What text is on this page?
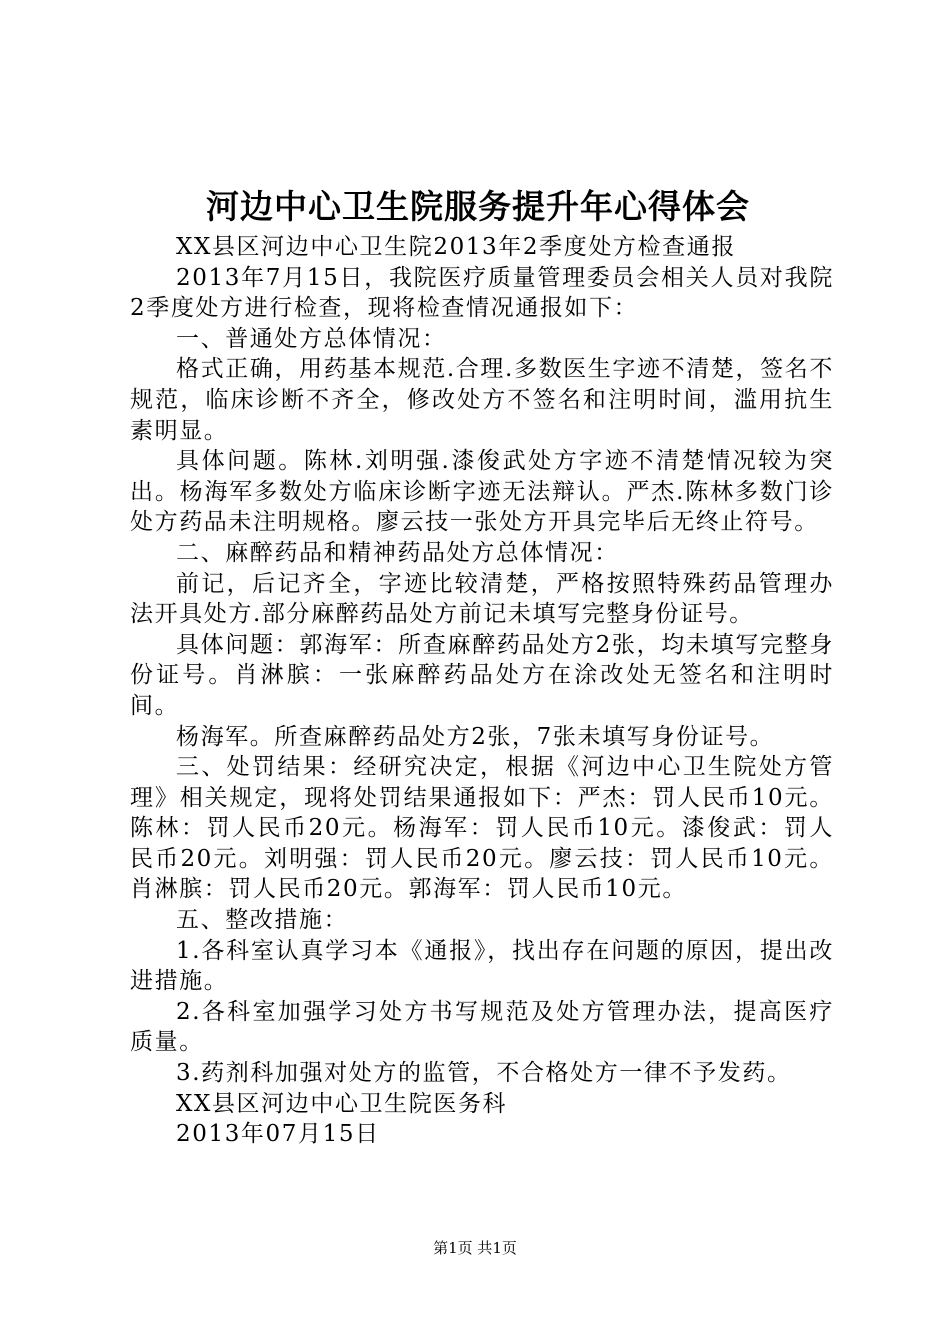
河边中心卫生院服务提升年心得体会

XX县区河边中心卫生院2013年2季度处方检查通报

2013年7月15日，我院医疗质量管理委员会相关人员对我院2季度处方进行检查，现将检查情况通报如下：

一、普通处方总体情况：

格式正确，用药基本规范.合理.多数医生字迹不清楚，签名不规范，临床诊断不齐全，修改处方不签名和注明时间，滥用抗生素明显。

具体问题。陈林.刘明强.漆俊武处方字迹不清楚情况较为突出。杨海军多数处方临床诊断字迹无法辩认。严杰.陈林多数门诊处方药品未注明规格。廖云技一张处方开具完毕后无终止符号。

二、麻醉药品和精神药品处方总体情况：

前记，后记齐全，字迹比较清楚，严格按照特殊药品管理办法开具处方.部分麻醉药品处方前记未填写完整身份证号。

具体问题：郭海军：所查麻醉药品处方2张，均未填写完整身份证号。肖淋膑：一张麻醉药品处方在涂改处无签名和注明时间。

杨海军。所查麻醉药品处方2张，7张未填写身份证号。

三、处罚结果：经研究决定，根据《河边中心卫生院处方管理》相关规定，现将处罚结果通报如下：严杰：罚人民币10元。陈林：罚人民币20元。杨海军：罚人民币10元。漆俊武：罚人民币20元。刘明强：罚人民币20元。廖云技：罚人民币10元。肖淋膑：罚人民币20元。郭海军：罚人民币10元。

五、整改措施：

1.各科室认真学习本《通报》，找出存在问题的原因，提出改进措施。

2.各科室加强学习处方书写规范及处方管理办法，提高医疗质量。

3.药剂科加强对处方的监管，不合格处方一律不予发药。

XX县区河边中心卫生院医务科

2013年07月15日

第1页 共1页
